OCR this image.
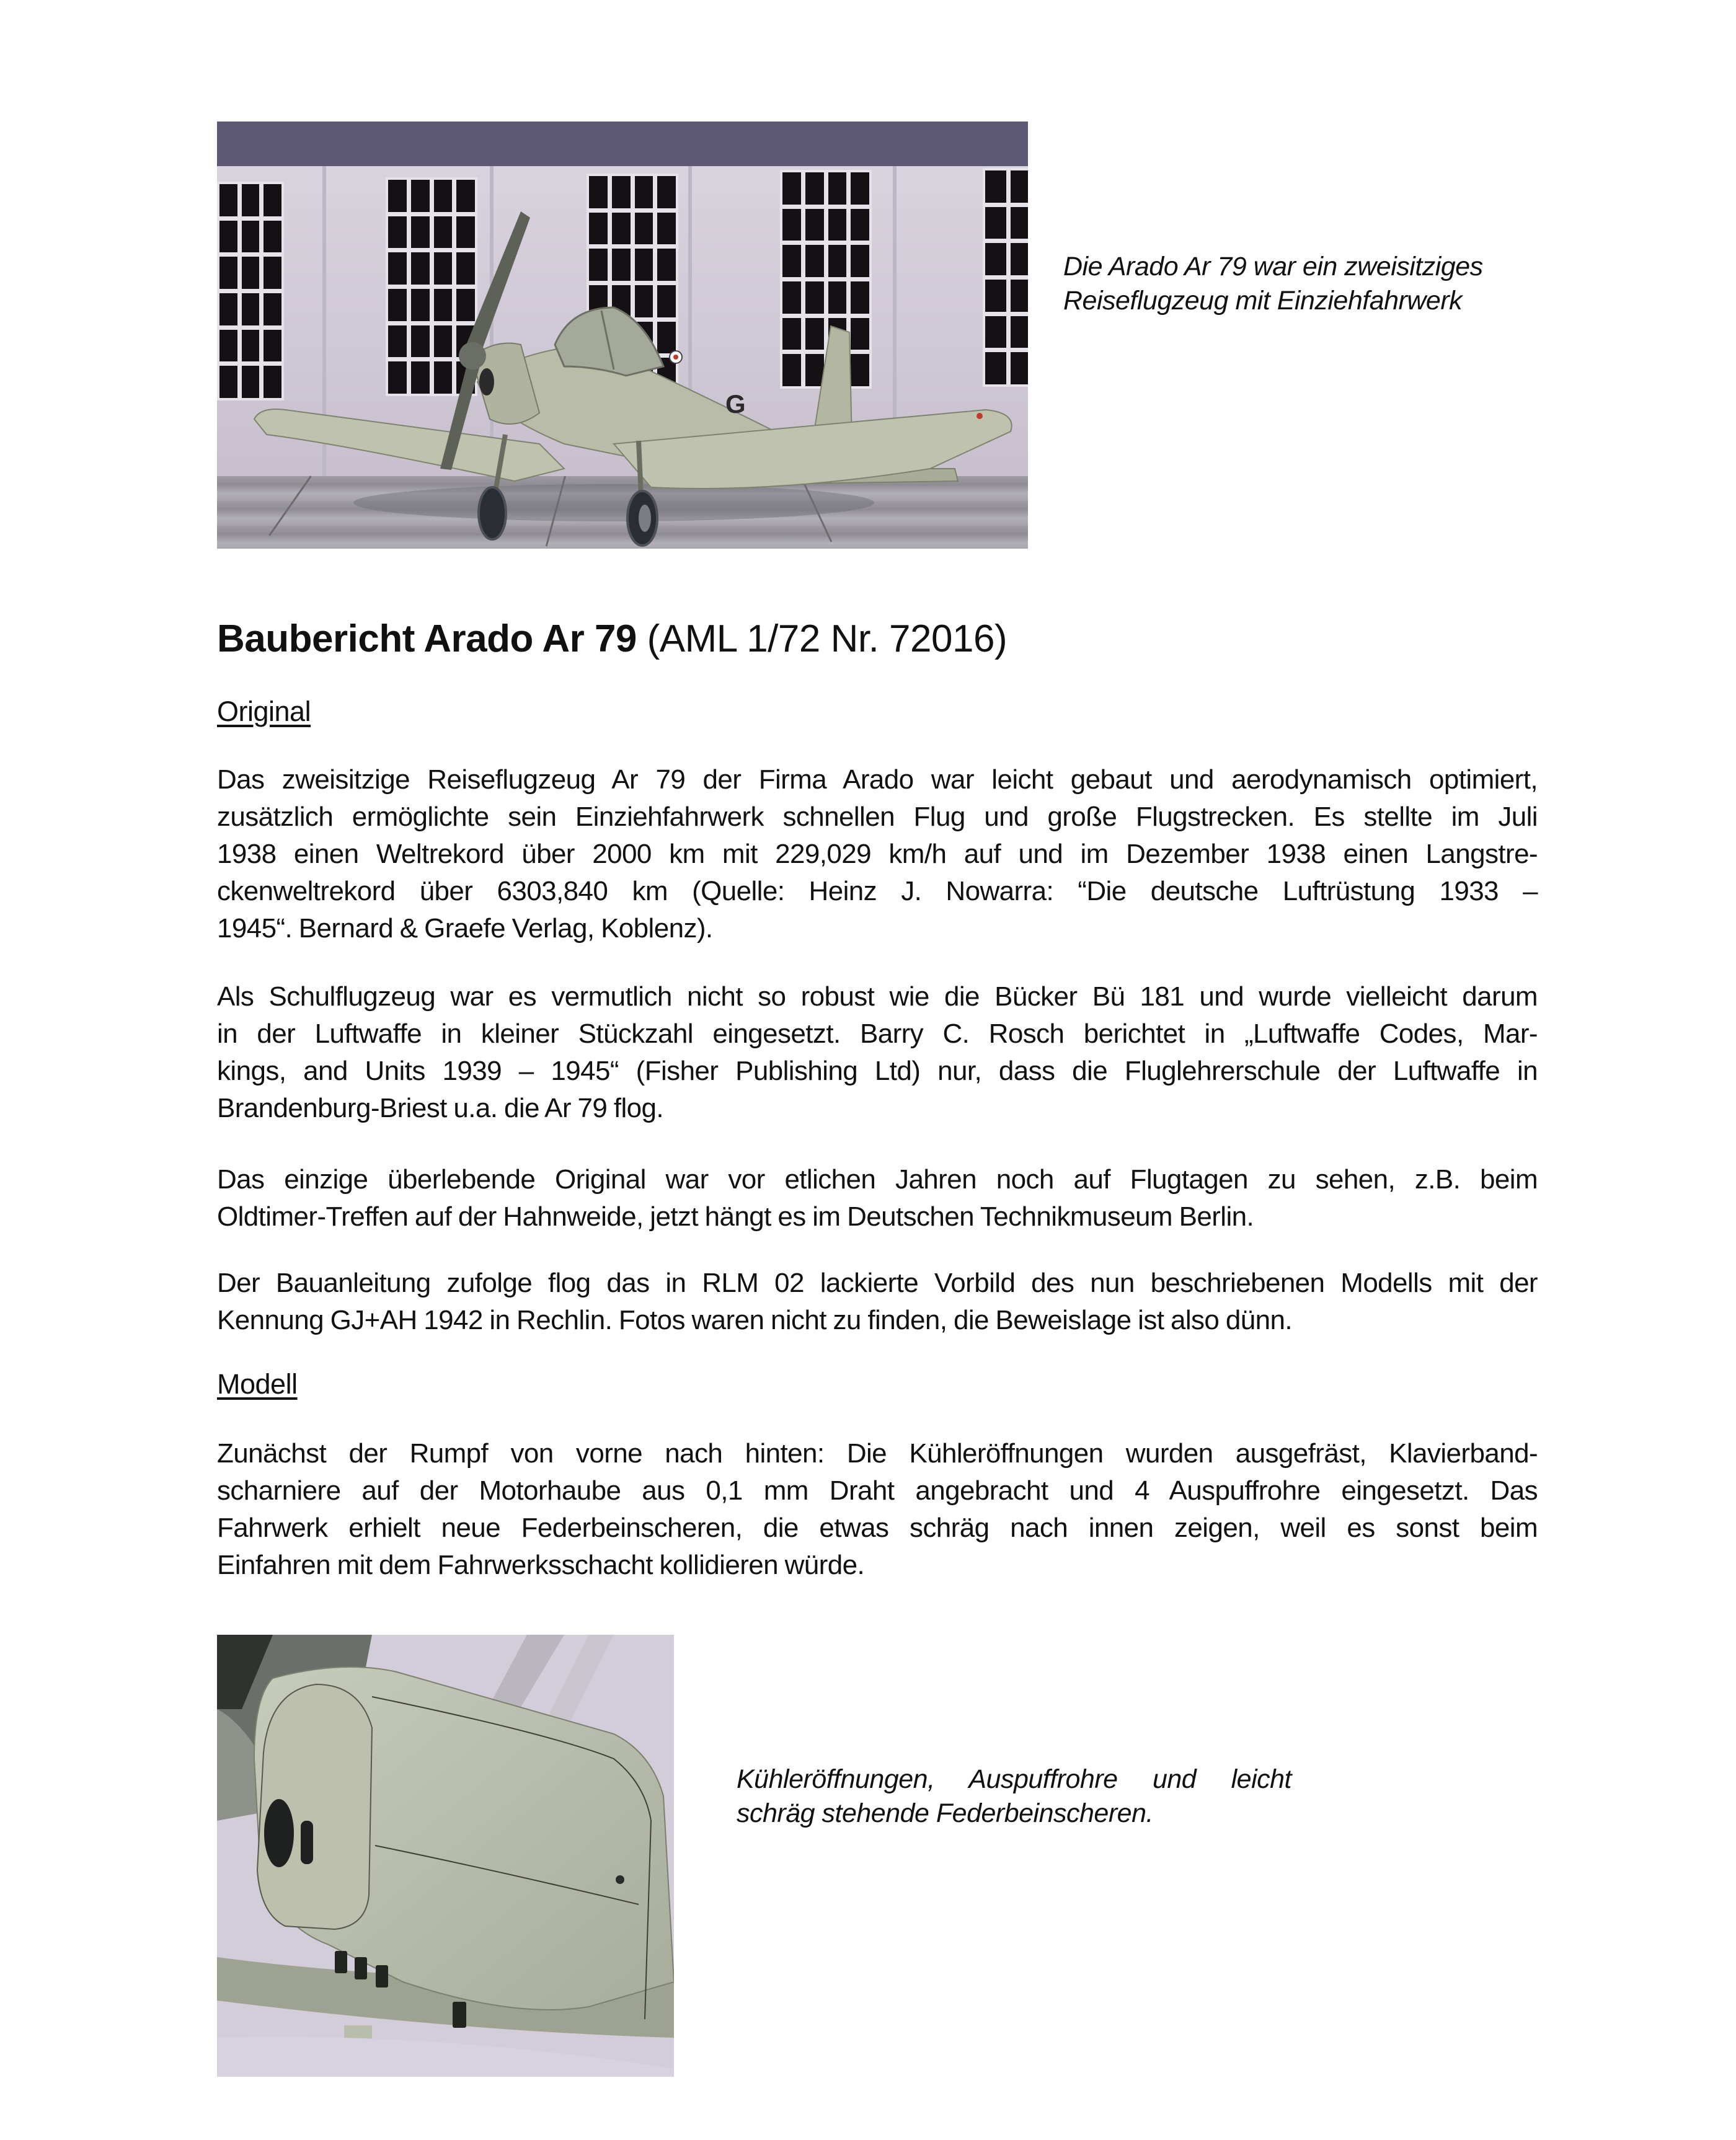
G
Die Arado Ar 79 war ein zweisitziges
Reiseflugzeug mit Einziehfahrwerk
Baubericht Arado Ar 79 (AML 1/72 Nr. 72016)
Original
Das zweisitzige Reiseflugzeug Ar 79 der Firma Arado war leicht gebaut und aerodynamisch optimiert,
zusätzlich ermöglichte sein Einziehfahrwerk schnellen Flug und große Flugstrecken. Es stellte im Juli
1938 einen Weltrekord über 2000 km mit 229,029 km/h auf und im Dezember 1938 einen Langstre-
ckenweltrekord über 6303,840 km (Quelle: Heinz J. Nowarra: “Die deutsche Luftrüstung 1933 –
1945“. Bernard & Graefe Verlag, Koblenz).
Als Schulflugzeug war es vermutlich nicht so robust wie die Bücker Bü 181 und wurde vielleicht darum
in der Luftwaffe in kleiner Stückzahl eingesetzt. Barry C. Rosch berichtet in „Luftwaffe Codes, Mar-
kings, and Units 1939 – 1945“ (Fisher Publishing Ltd) nur, dass die Fluglehrerschule der Luftwaffe in
Brandenburg-Briest u.a. die Ar 79 flog.
Das einzige überlebende Original war vor etlichen Jahren noch auf Flugtagen zu sehen, z.B. beim
Oldtimer-Treffen auf der Hahnweide, jetzt hängt es im Deutschen Technikmuseum Berlin.
Der Bauanleitung zufolge flog das in RLM 02 lackierte Vorbild des nun beschriebenen Modells mit der
Kennung GJ+AH 1942 in Rechlin. Fotos waren nicht zu finden, die Beweislage ist also dünn.
Modell
Zunächst der Rumpf von vorne nach hinten: Die Kühleröffnungen wurden ausgefräst, Klavierband-
scharniere auf der Motorhaube aus 0,1 mm Draht angebracht und 4 Auspuffrohre eingesetzt. Das
Fahrwerk erhielt neue Federbeinscheren, die etwas schräg nach innen zeigen, weil es sonst beim
Einfahren mit dem Fahrwerksschacht kollidieren würde.
Kühleröffnungen, Auspuffrohre und leicht
schräg stehende Federbeinscheren.
